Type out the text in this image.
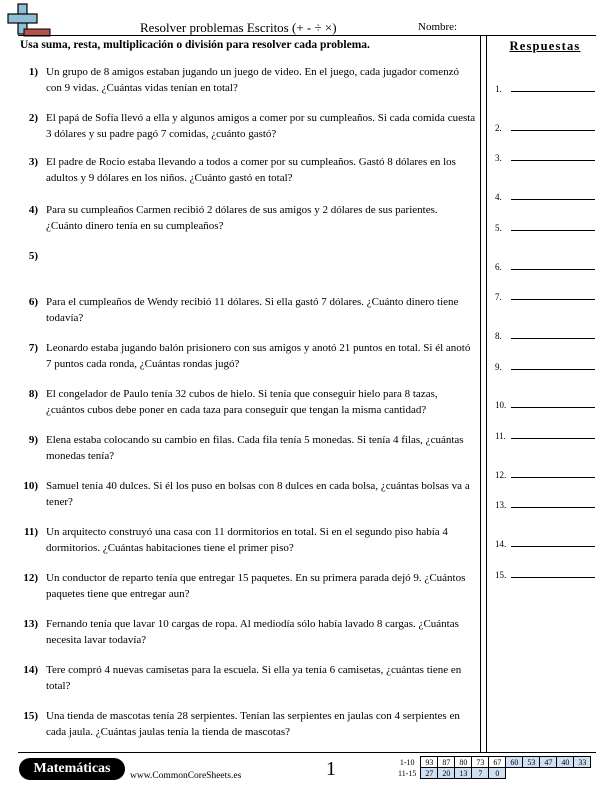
Resolver problemas Escritos (+ - ÷ ×)	Nombre:
Usa suma, resta, multiplicación o división para resolver cada problema.	Respuestas
1) Un grupo de 8 amigos estaban jugando un juego de video. En el juego, cada jugador comenzó con 9 vidas. ¿Cuántas vidas tenían en total?
2) El papá de Sofía llevó a ella y algunos amigos a comer por su cumpleaños. Si cada comida cuesta 3 dólares y su padre pagó 7 comidas, ¿cuánto gastó?
3) El padre de Rocio estaba llevando a todos a comer por su cumpleaños. Gastó 8 dólares en los adultos y 9 dólares en los niños. ¿Cuánto gastó en total?
4) Para su cumpleaños Carmen recibió 2 dólares de sus amigos y 2 dólares de sus parientes. ¿Cuánto dinero tenía en su cumpleaños?
5)
6) Para el cumpleaños de Wendy recibió 11 dólares. Si ella gastó 7 dólares. ¿Cuánto dinero tiene todavía?
7) Leonardo estaba jugando balón prisionero con sus amigos y anotó 21 puntos en total. Si él anotó 7 puntos cada ronda, ¿Cuántas rondas jugó?
8) El congelador de Paulo tenía 32 cubos de hielo. Si tenía que conseguir hielo para 8 tazas, ¿cuántos cubos debe poner en cada taza para conseguir que tengan la misma cantidad?
9) Elena estaba colocando su cambio en filas. Cada fila tenía 5 monedas. Si tenía 4 filas, ¿cuántas monedas tenía?
10) Samuel tenía 40 dulces. Si él los puso en bolsas con 8 dulces en cada bolsa, ¿cuántas bolsas va a tener?
11) Un arquitecto construyó una casa con 11 dormitorios en total. Si en el segundo piso había 4 dormitorios. ¿Cuántas habitaciones tiene el primer piso?
12) Un conductor de reparto tenía que entregar 15 paquetes. En su primera parada dejó 9. ¿Cuántos paquetes tiene que entregar aun?
13) Fernando tenía que lavar 10 cargas de ropa. Al mediodía sólo había lavado 8 cargas. ¿Cuántas necesita lavar todavía?
14) Tere compró 4 nuevas camisetas para la escuela. Si ella ya tenía 6 camisetas, ¿cuántas tiene en total?
15) Una tienda de mascotas tenía 28 serpientes. Tenían las serpientes en jaulas con 4 serpientes en cada jaula. ¿Cuántas jaulas tenía la tienda de mascotas?
1.
2.
3.
4.
5.
6.
7.
8.
9.
10.
11.
12.
13.
14.
15.
Matemáticas	www.CommonCoreSheets.es	1	1-10	93	87	80	73	67	60	53	47	40	33
11-15	27	20	13	7	0					
